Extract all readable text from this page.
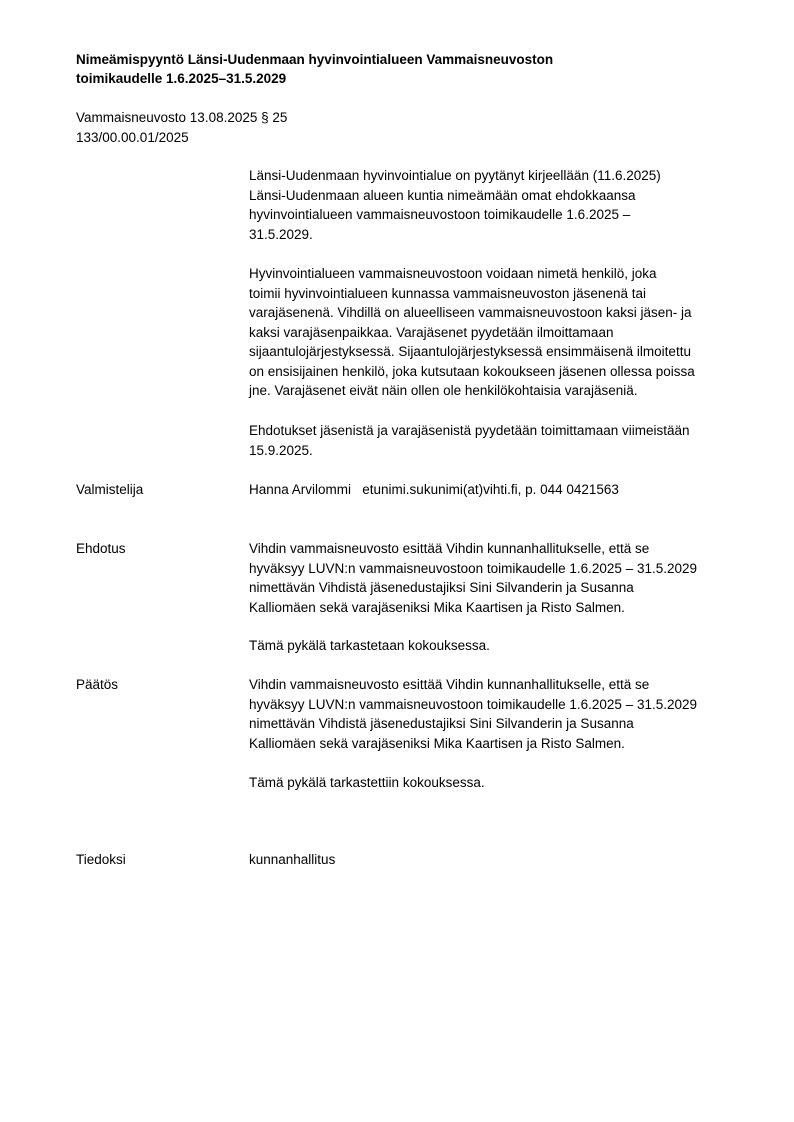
Nimeämispyyntö Länsi-Uudenmaan hyvinvointialueen Vammaisneuvoston
toimikaudelle 1.6.2025–31.5.2029
Vammaisneuvosto 13.08.2025 § 25
133/00.00.01/2025
Länsi-Uudenmaan hyvinvointialue on pyytänyt kirjeellään (11.6.2025)
Länsi-Uudenmaan alueen kuntia nimeämään omat ehdokkaansa
hyvinvointialueen vammaisneuvostoon toimikaudelle 1.6.2025 –
31.5.2029.
Hyvinvointialueen vammaisneuvostoon voidaan nimetä henkilö, joka
toimii hyvinvointialueen kunnassa vammaisneuvoston jäsenenä tai
varajäsenenä. Vihdillä on alueelliseen vammaisneuvostoon kaksi jäsen- ja
kaksi varajäsenpaikkaa. Varajäsenet pyydetään ilmoittamaan
sijaantulojärjestyksessä. Sijaantulojärjestyksessä ensimmäisenä ilmoitettu
on ensisijainen henkilö, joka kutsutaan kokoukseen jäsenen ollessa poissa
jne. Varajäsenet eivät näin ollen ole henkilökohtaisia varajäseniä.
Ehdotukset jäsenistä ja varajäsenistä pyydetään toimittamaan viimeistään
15.9.2025.
Valmistelija	Hanna Arvilommi   etunimi.sukunimi(at)vihti.fi, p. 044 0421563
Ehdotus	Vihdin vammaisneuvosto esittää Vihdin kunnanhallitukselle, että se
hyväksyy LUVN:n vammaisneuvostoon toimikaudelle 1.6.2025 – 31.5.2029
nimettävän Vihdistä jäsenedustajiksi Sini Silvanderin ja Susanna
Kalliomäen sekä varajäseniksi Mika Kaartisen ja Risto Salmen.
Tämä pykälä tarkastetaan kokouksessa.
Päätös	Vihdin vammaisneuvosto esittää Vihdin kunnanhallitukselle, että se
hyväksyy LUVN:n vammaisneuvostoon toimikaudelle 1.6.2025 – 31.5.2029
nimettävän Vihdistä jäsenedustajiksi Sini Silvanderin ja Susanna
Kalliomäen sekä varajäseniksi Mika Kaartisen ja Risto Salmen.
Tämä pykälä tarkastettiin kokouksessa.
Tiedoksi	kunnanhallitus
